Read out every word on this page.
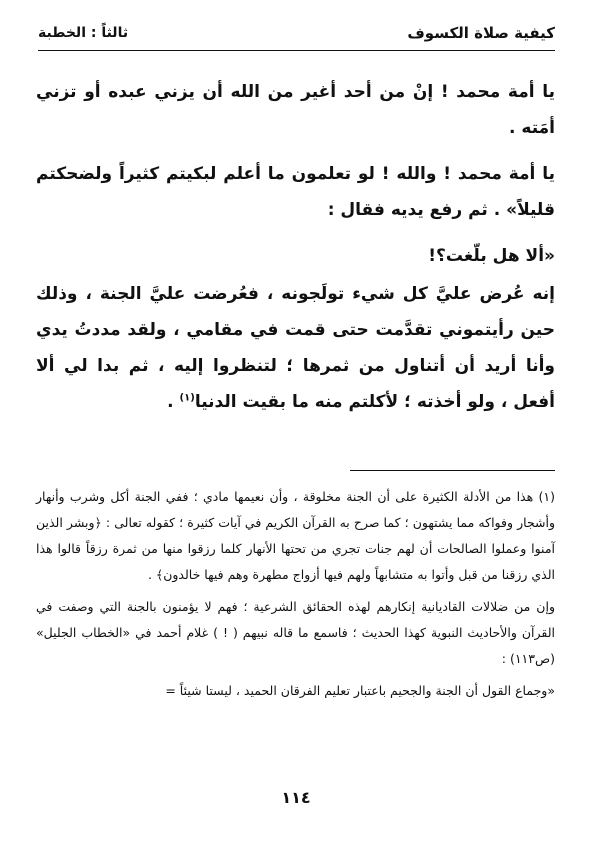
كيفية صلاة الكسوف
ثالثاً : الخطبة

يا أمة محمد ! إنْ من أحد أغير من الله أن يزني عبده أو تزني أمَته .

يا أمة محمد ! والله ! لو تعلمون ما أعلم لبكيتم كثيراً ولضحكتم قليلاً» . ثم رفع يديه فقال :

«ألا هل بلّغت؟!

إنه عُرض عليَّ كل شيء تولَجونه ، فعُرضت عليَّ الجنة ، وذلك حين رأيتموني تقدَّمت حتى قمت في مقامي ، ولقد مددتُ يدي وأنا أريد أن أتناول من ثمرها ؛ لتنظروا إليه ، ثم بدا لي ألا أفعل ، ولو أخذته ؛ لأكلتم منه ما بقيت الدنيا$^{(١)}$ .

(١) هذا من الأدلة الكثيرة على أن الجنة مخلوقة ، وأن نعيمها مادي ؛ ففي الجنة أكل وشرب وأنهار وأشجار وفواكه مما يشتهون ؛ كما صرح به القرآن الكريم في آيات كثيرة ؛ كقوله تعالى : ﴿وبشر الذين آمنوا وعملوا الصالحات أن لهم جنات تجري من تحتها الأنهار كلما رزقوا منها من ثمرة رزقاً قالوا هذا الذي رزقنا من قبل وأتوا به متشابهاً ولهم فيها أزواج مطهرة وهم فيها خالدون﴾ .

وإن من ضلالات القاديانية إنكارهم لهذه الحقائق الشرعية ؛ فهم لا يؤمنون بالجنة التي وصفت في القرآن والأحاديث النبوية كهذا الحديث ؛ فاسمع ما قاله نبيهم ( ! ) غلام أحمد في «الخطاب الجليل» (ص١١٣) :

«وجماع القول أن الجنة والجحيم باعتبار تعليم الفرقان الحميد ، ليستا شيئاً =

١١٤
